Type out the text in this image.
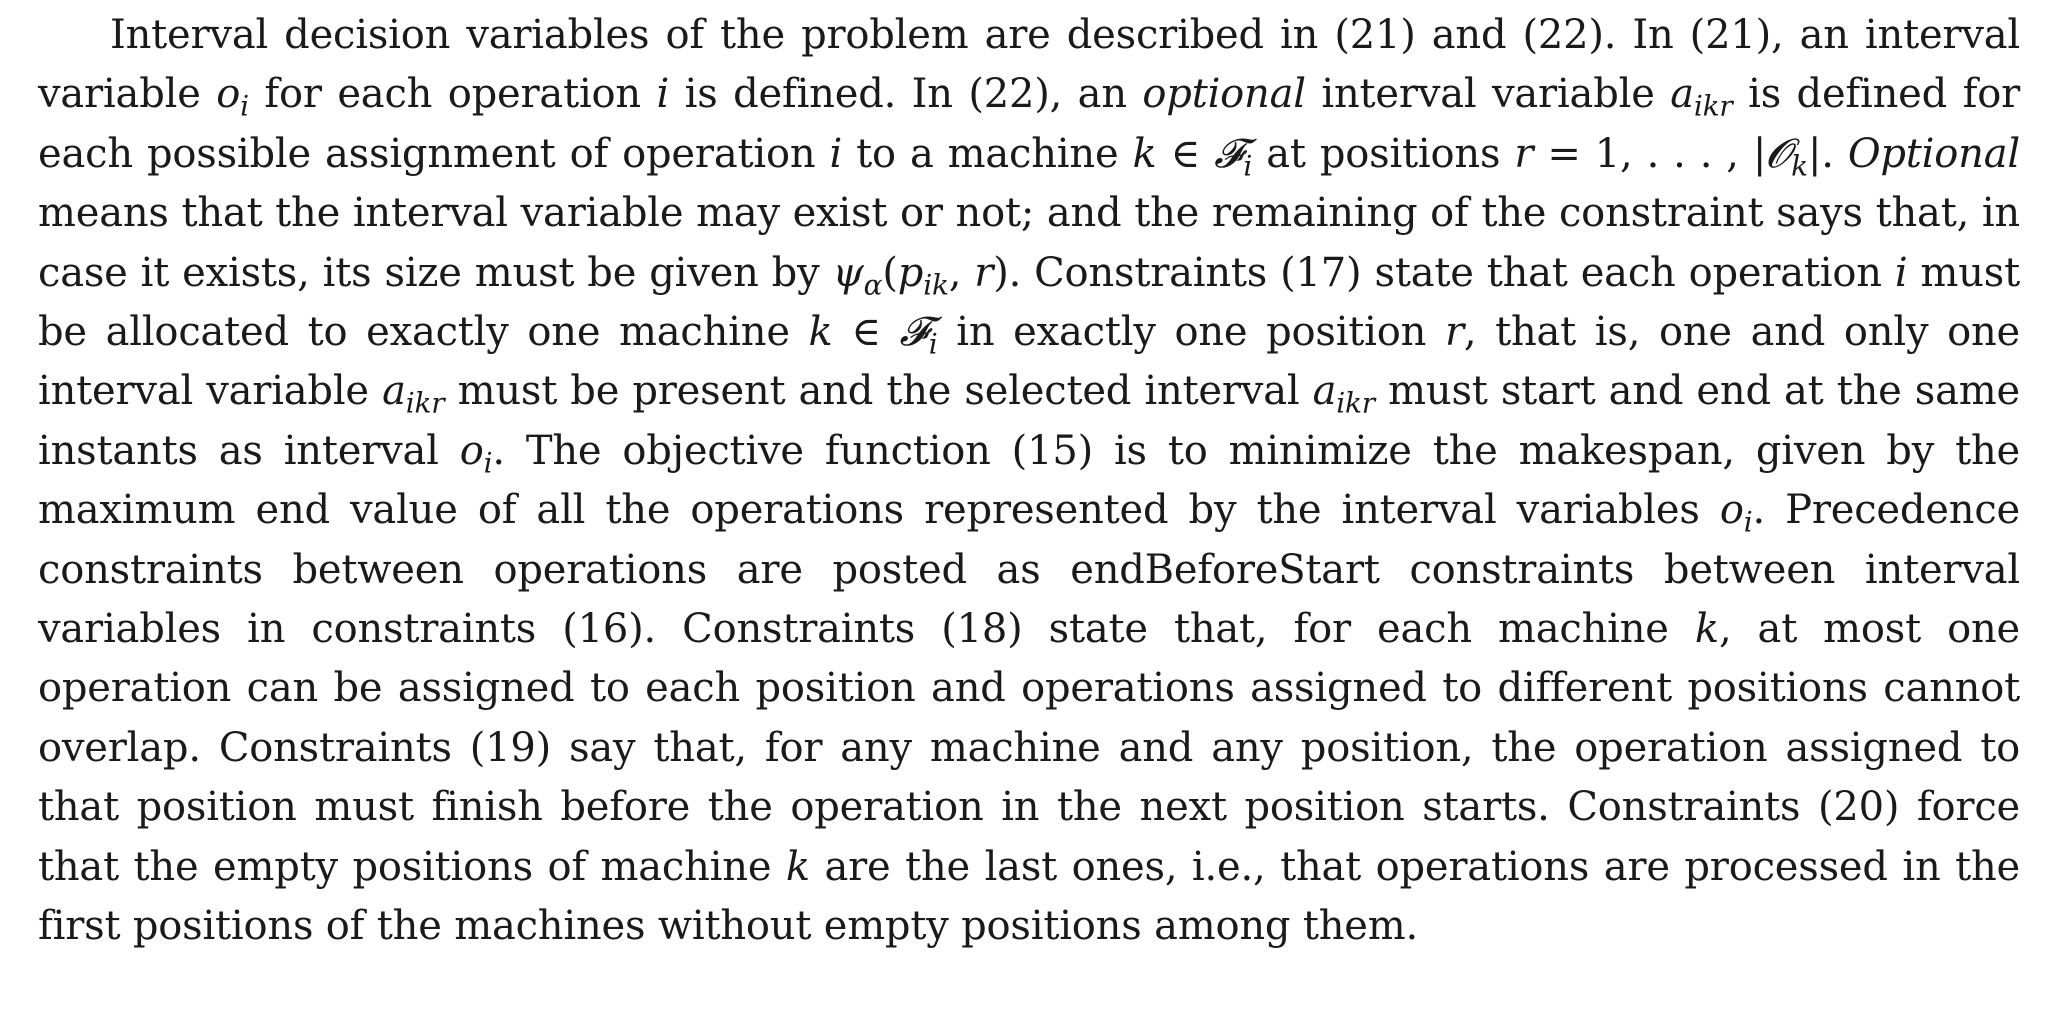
Interval decision variables of the problem are described in (21) and (22). In (21), an interval variable $o_i$ for each operation i is defined. In (22), an optional interval variable $a_{ikr}$ is defined for each possible assignment of operation i to a machine k ∈ 𝓕$_i$ at positions r = 1, . . . , |𝓞$_k$|. Optional means that the interval variable may exist or not; and the remaining of the constraint says that, in case it exists, its size must be given by $\psi_\alpha(p_{ik}$, r). Constraints (17) state that each operation i must be allocated to exactly one machine k ∈ 𝓕$_i$ in exactly one position r, that is, one and only one interval variable $a_{ikr}$ must be present and the selected interval $a_{ikr}$ must start and end at the same instants as interval $o_i$. The objective function (15) is to minimize the makespan, given by the maximum end value of all the operations represented by the interval variables $o_i$. Precedence constraints between operations are posted as endBeforeStart constraints between interval variables in constraints (16). Constraints (18) state that, for each machine k, at most one operation can be assigned to each position and operations assigned to different positions cannot overlap. Constraints (19) say that, for any machine and any position, the operation assigned to that position must finish before the operation in the next position starts. Constraints (20) force that the empty positions of machine k are the last ones, i.e., that operations are processed in the first positions of the machines without empty positions among them.
